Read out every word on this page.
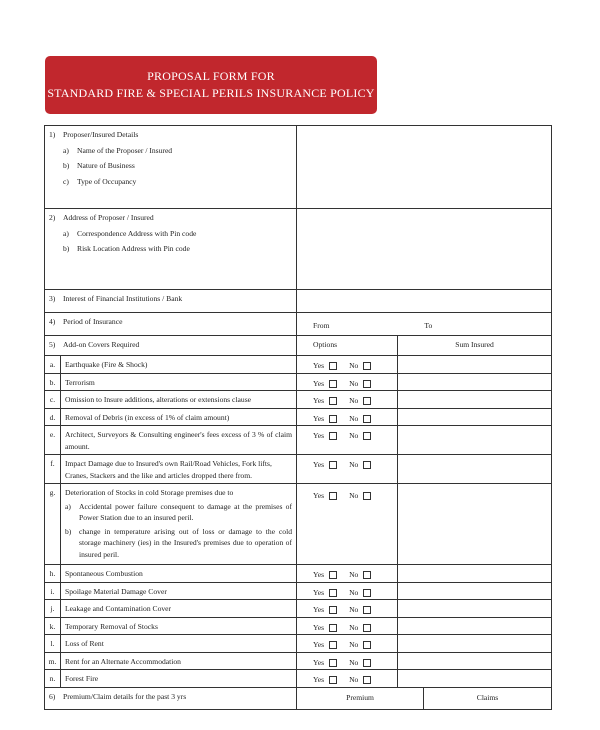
PROPOSAL FORM FOR
STANDARD FIRE & SPECIAL PERILS INSURANCE POLICY
1) Proposer/Insured Details
a) Name of the Proposer / Insured
b) Nature of Business
c) Type of Occupancy				

2) Address of Proposer / Insured
a) Correspondence Address with Pin code
b) Risk Location Address with Pin code				

3) Interest of Financial Institutions / Bank				
4) Period of Insurance		From To		
5) Add-on Covers Required		Options	Sum Insured	
a.	Earthquake (Fire & Shock)	Yes No		
b.	Terrorism	Yes No		
c.	Omission to Insure additions, alterations or extensions clause	Yes No		
d.	Removal of Debris (in excess of 1% of claim amount)	Yes No		
e.	Architect, Surveyors & Consulting engineer's fees excess of 3 % of claim amount.	Yes No		
f.	Impact Damage due to Insured's own Rail/Road Vehicles, Fork lifts, Cranes, Stackers and the like and articles dropped there from.	Yes No		
g.	Deterioration of Stocks in cold Storage premises due to
a) Accidental power failure consequent to damage at the premises of Power Station due to an insured peril.
b) change in temperature arising out of loss or damage to the cold storage machinery (ies) in the Insured's premises due to operation of insured peril.	Yes No		
h.	Spontaneous Combustion	Yes No		
i.	Spoilage Material Damage Cover	Yes No		
j.	Leakage and Contamination Cover	Yes No		
k.	Temporary Removal of Stocks	Yes No		
l.	Loss of Rent	Yes No		
m.	Rent for an Alternate Accommodation	Yes No		
n.	Forest Fire	Yes No		
6) Premium/Claim details for the past 3 yrs		Premium		Claims
